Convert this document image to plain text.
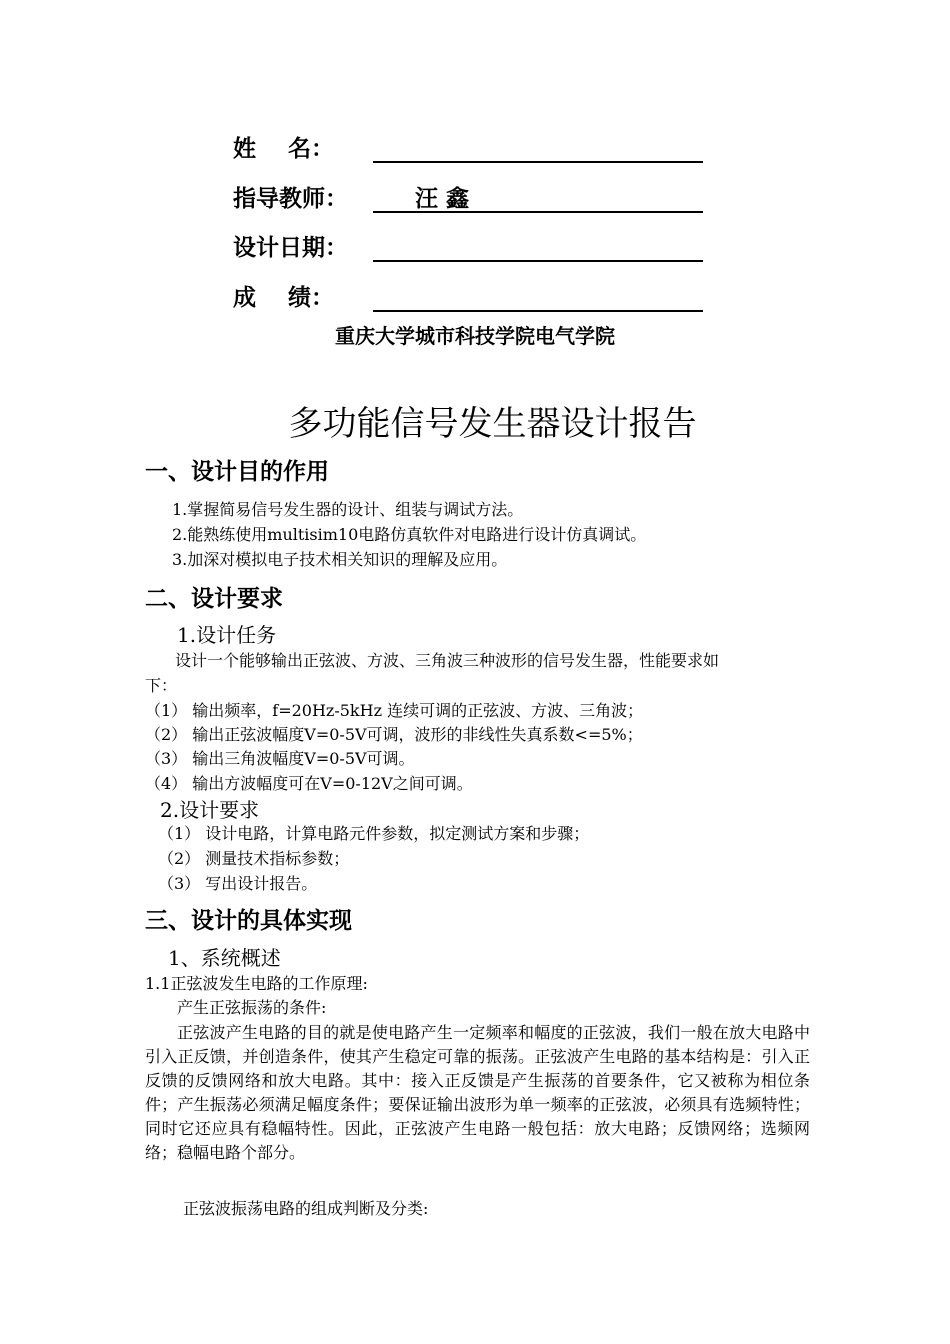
姓    名：
指导教师：	汪 鑫
设计日期：
成    绩：
重庆大学城市科技学院电气学院
多功能信号发生器设计报告
一、设计目的作用
1.掌握简易信号发生器的设计、组装与调试方法。
2.能熟练使用multisim10电路仿真软件对电路进行设计仿真调试。
3.加深对模拟电子技术相关知识的理解及应用。
二、设计要求
1.设计任务
设计一个能够输出正弦波、方波、三角波三种波形的信号发生器，性能要求如
下：
（1） 输出频率，f=20Hz-5kHz 连续可调的正弦波、方波、三角波；
（2） 输出正弦波幅度V=0-5V可调，波形的非线性失真系数<=5%；
（3） 输出三角波幅度V=0-5V可调。
（4） 输出方波幅度可在V=0-12V之间可调。
2.设计要求
（1） 设计电路，计算电路元件参数，拟定测试方案和步骤；
（2） 测量技术指标参数；
（3） 写出设计报告。
三、设计的具体实现
1、系统概述
1.1正弦波发生电路的工作原理:
产生正弦振荡的条件:
正弦波产生电路的目的就是使电路产生一定频率和幅度的正弦波，我们一般在放大电路中引入正反馈，并创造条件，使其产生稳定可靠的振荡。正弦波产生电路的基本结构是：引入正反馈的反馈网络和放大电路。其中：接入正反馈是产生振荡的首要条件，它又被称为相位条件；产生振荡必须满足幅度条件；要保证输出波形为单一频率的正弦波，必须具有选频特性；同时它还应具有稳幅特性。因此，正弦波产生电路一般包括：放大电路；反馈网络；选频网络；稳幅电路个部分。
正弦波振荡电路的组成判断及分类:
